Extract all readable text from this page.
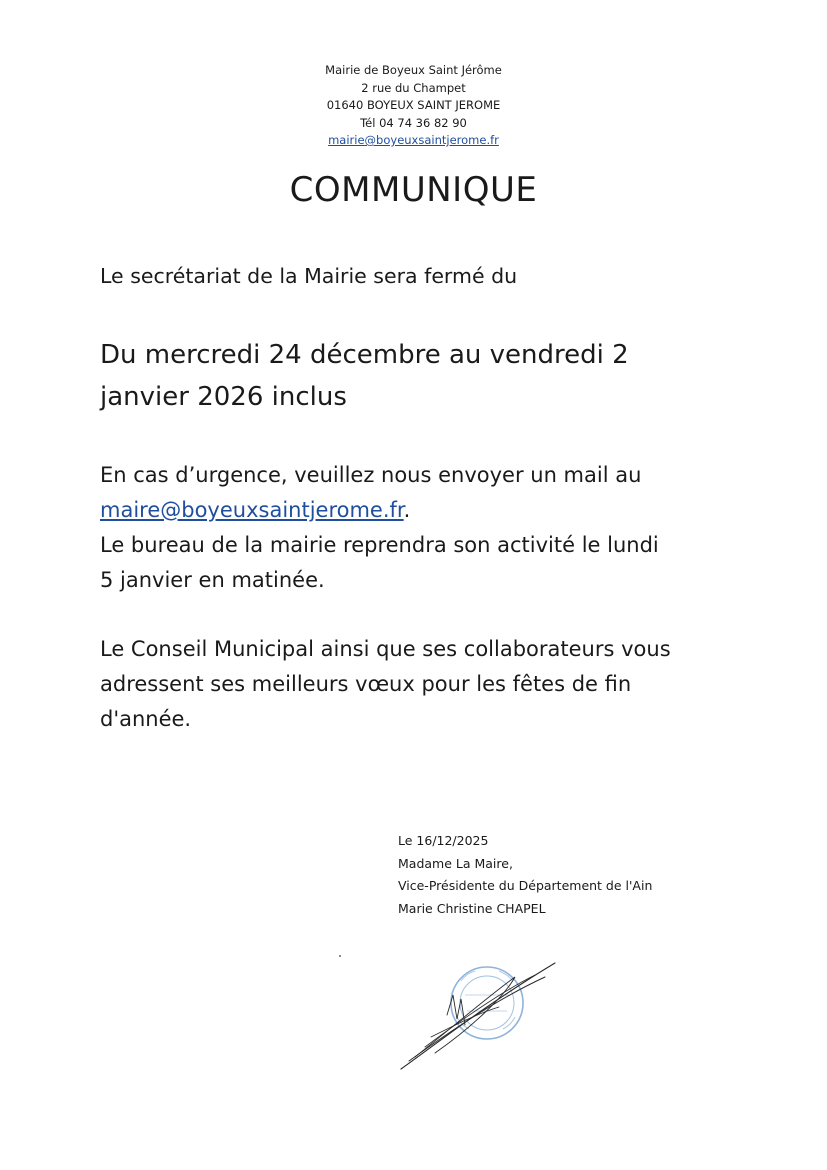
Mairie de Boyeux Saint Jérôme
2 rue du Champet
01640 BOYEUX SAINT JEROME
Tél 04 74 36 82 90
mairie@boyeuxsaintjerome.fr
COMMUNIQUE
Le secrétariat de la Mairie sera fermé du
Du mercredi 24 décembre au vendredi 2
janvier 2026 inclus
En cas d’urgence, veuillez nous envoyer un mail au
maire@boyeuxsaintjerome.fr.
Le bureau de la mairie reprendra son activité le lundi
5 janvier en matinée.
Le Conseil Municipal ainsi que ses collaborateurs vous
adressent ses meilleurs vœux pour les fêtes de fin
d'année.
Le 16/12/2025
Madame La Maire,
Vice-Présidente du Département de l'Ain
Marie Christine CHAPEL
